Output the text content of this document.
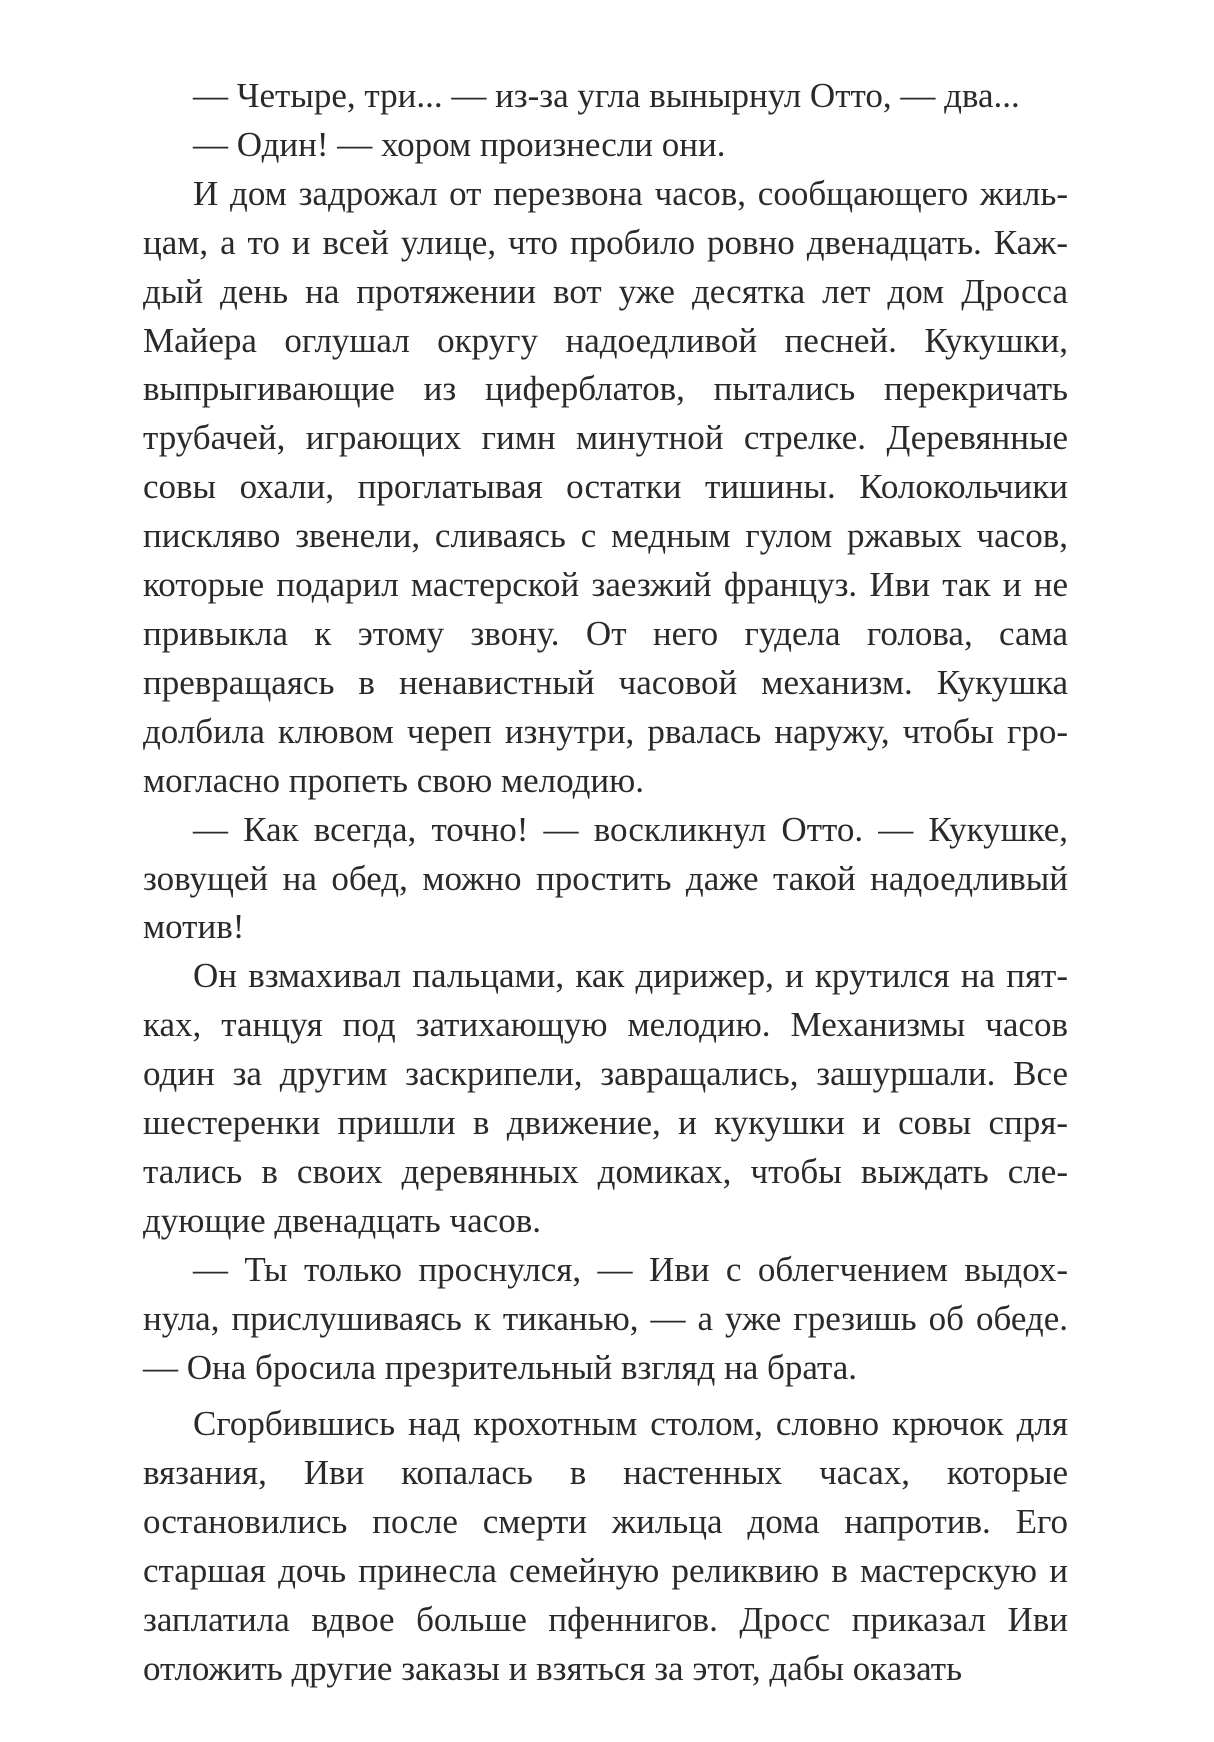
— Четыре, три... — из-за угла вынырнул Отто, — два...

— Один! — хором произнесли они.

И дом задрожал от перезвона часов, сообщающего жильцам, а то и всей улице, что пробило ровно двенадцать. Каждый день на протяжении вот уже десятка лет дом Дросса Майера оглушал округу надоедливой песней. Кукушки, выпрыгивающие из циферблатов, пытались перекричать трубачей, играющих гимн минутной стрелке. Деревянные совы охали, проглатывая остатки тишины. Колокольчики пискляво звенели, сливаясь с медным гулом ржавых часов, которые подарил мастерской заезжий француз. Иви так и не привыкла к этому звону. От него гудела голова, сама превращаясь в ненавистный часовой механизм. Кукушка долбила клювом череп изнутри, рвалась наружу, чтобы громогласно пропеть свою мелодию.

— Как всегда, точно! — воскликнул Отто. — Кукушке, зовущей на обед, можно простить даже такой надоедливый мотив!

Он взмахивал пальцами, как дирижер, и крутился на пятках, танцуя под затихающую мелодию. Механизмы часов один за другим заскрипели, завращались, зашуршали. Все шестеренки пришли в движение, и кукушки и совы спрятались в своих деревянных домиках, чтобы выждать следующие двенадцать часов.

— Ты только проснулся, — Иви с облегчением выдохнула, прислушиваясь к тиканью, — а уже грезишь об обеде. — Она бросила презрительный взгляд на брата.

Сгорбившись над крохотным столом, словно крючок для вязания, Иви копалась в настенных часах, которые остановились после смерти жильца дома напротив. Его старшая дочь принесла семейную реликвию в мастерскую и заплатила вдвое больше пфеннигов. Дросс приказал Иви отложить другие заказы и взяться за этот, дабы оказать
